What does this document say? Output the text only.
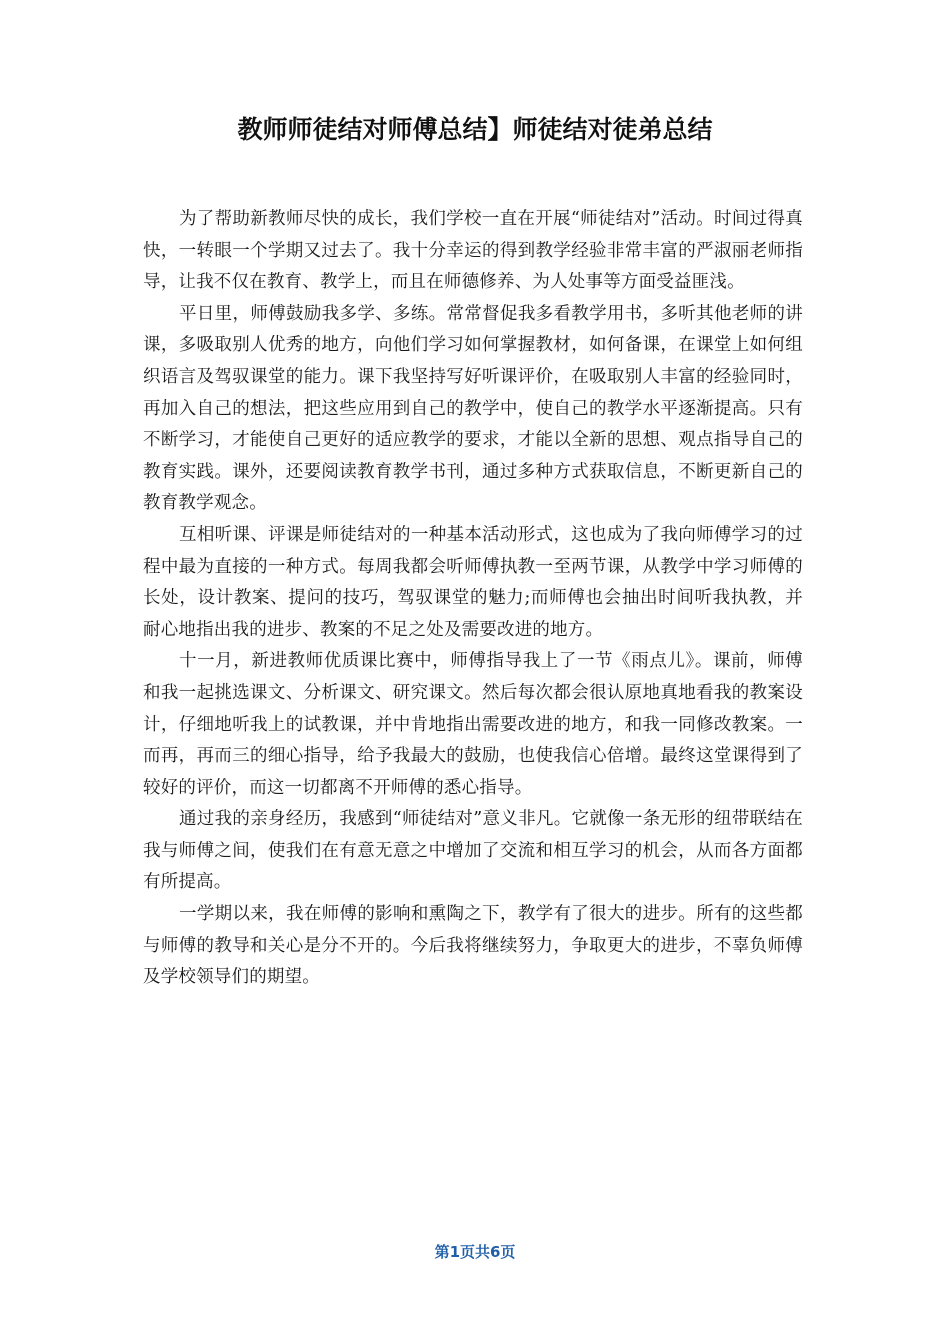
教师师徒结对师傅总结】师徒结对徒弟总结

为了帮助新教师尽快的成长，我们学校一直在开展“师徒结对”活动。时间过得真快，一转眼一个学期又过去了。我十分幸运的得到教学经验非常丰富的严淑丽老师指导，让我不仅在教育、教学上，而且在师德修养、为人处事等方面受益匪浅。

平日里，师傅鼓励我多学、多练。常常督促我多看教学用书，多听其他老师的讲课，多吸取别人优秀的地方，向他们学习如何掌握教材，如何备课，在课堂上如何组织语言及驾驭课堂的能力。课下我坚持写好听课评价，在吸取别人丰富的经验同时，再加入自己的想法，把这些应用到自己的教学中，使自己的教学水平逐渐提高。只有不断学习，才能使自己更好的适应教学的要求，才能以全新的思想、观点指导自己的教育实践。课外，还要阅读教育教学书刊，通过多种方式获取信息，不断更新自己的教育教学观念。

互相听课、评课是师徒结对的一种基本活动形式，这也成为了我向师傅学习的过程中最为直接的一种方式。每周我都会听师傅执教一至两节课，从教学中学习师傅的长处，设计教案、提问的技巧，驾驭课堂的魅力;而师傅也会抽出时间听我执教，并耐心地指出我的进步、教案的不足之处及需要改进的地方。

十一月，新进教师优质课比赛中，师傅指导我上了一节《雨点儿》。课前，师傅和我一起挑选课文、分析课文、研究课文。然后每次都会很认原地真地看我的教案设计，仔细地听我上的试教课，并中肯地指出需要改进的地方，和我一同修改教案。一而再，再而三的细心指导，给予我最大的鼓励，也使我信心倍增。最终这堂课得到了较好的评价，而这一切都离不开师傅的悉心指导。

通过我的亲身经历，我感到“师徒结对”意义非凡。它就像一条无形的纽带联结在我与师傅之间，使我们在有意无意之中增加了交流和相互学习的机会，从而各方面都有所提高。

一学期以来，我在师傅的影响和熏陶之下，教学有了很大的进步。所有的这些都与师傅的教导和关心是分不开的。今后我将继续努力，争取更大的进步，不辜负师傅及学校领导们的期望。

第1页共6页
